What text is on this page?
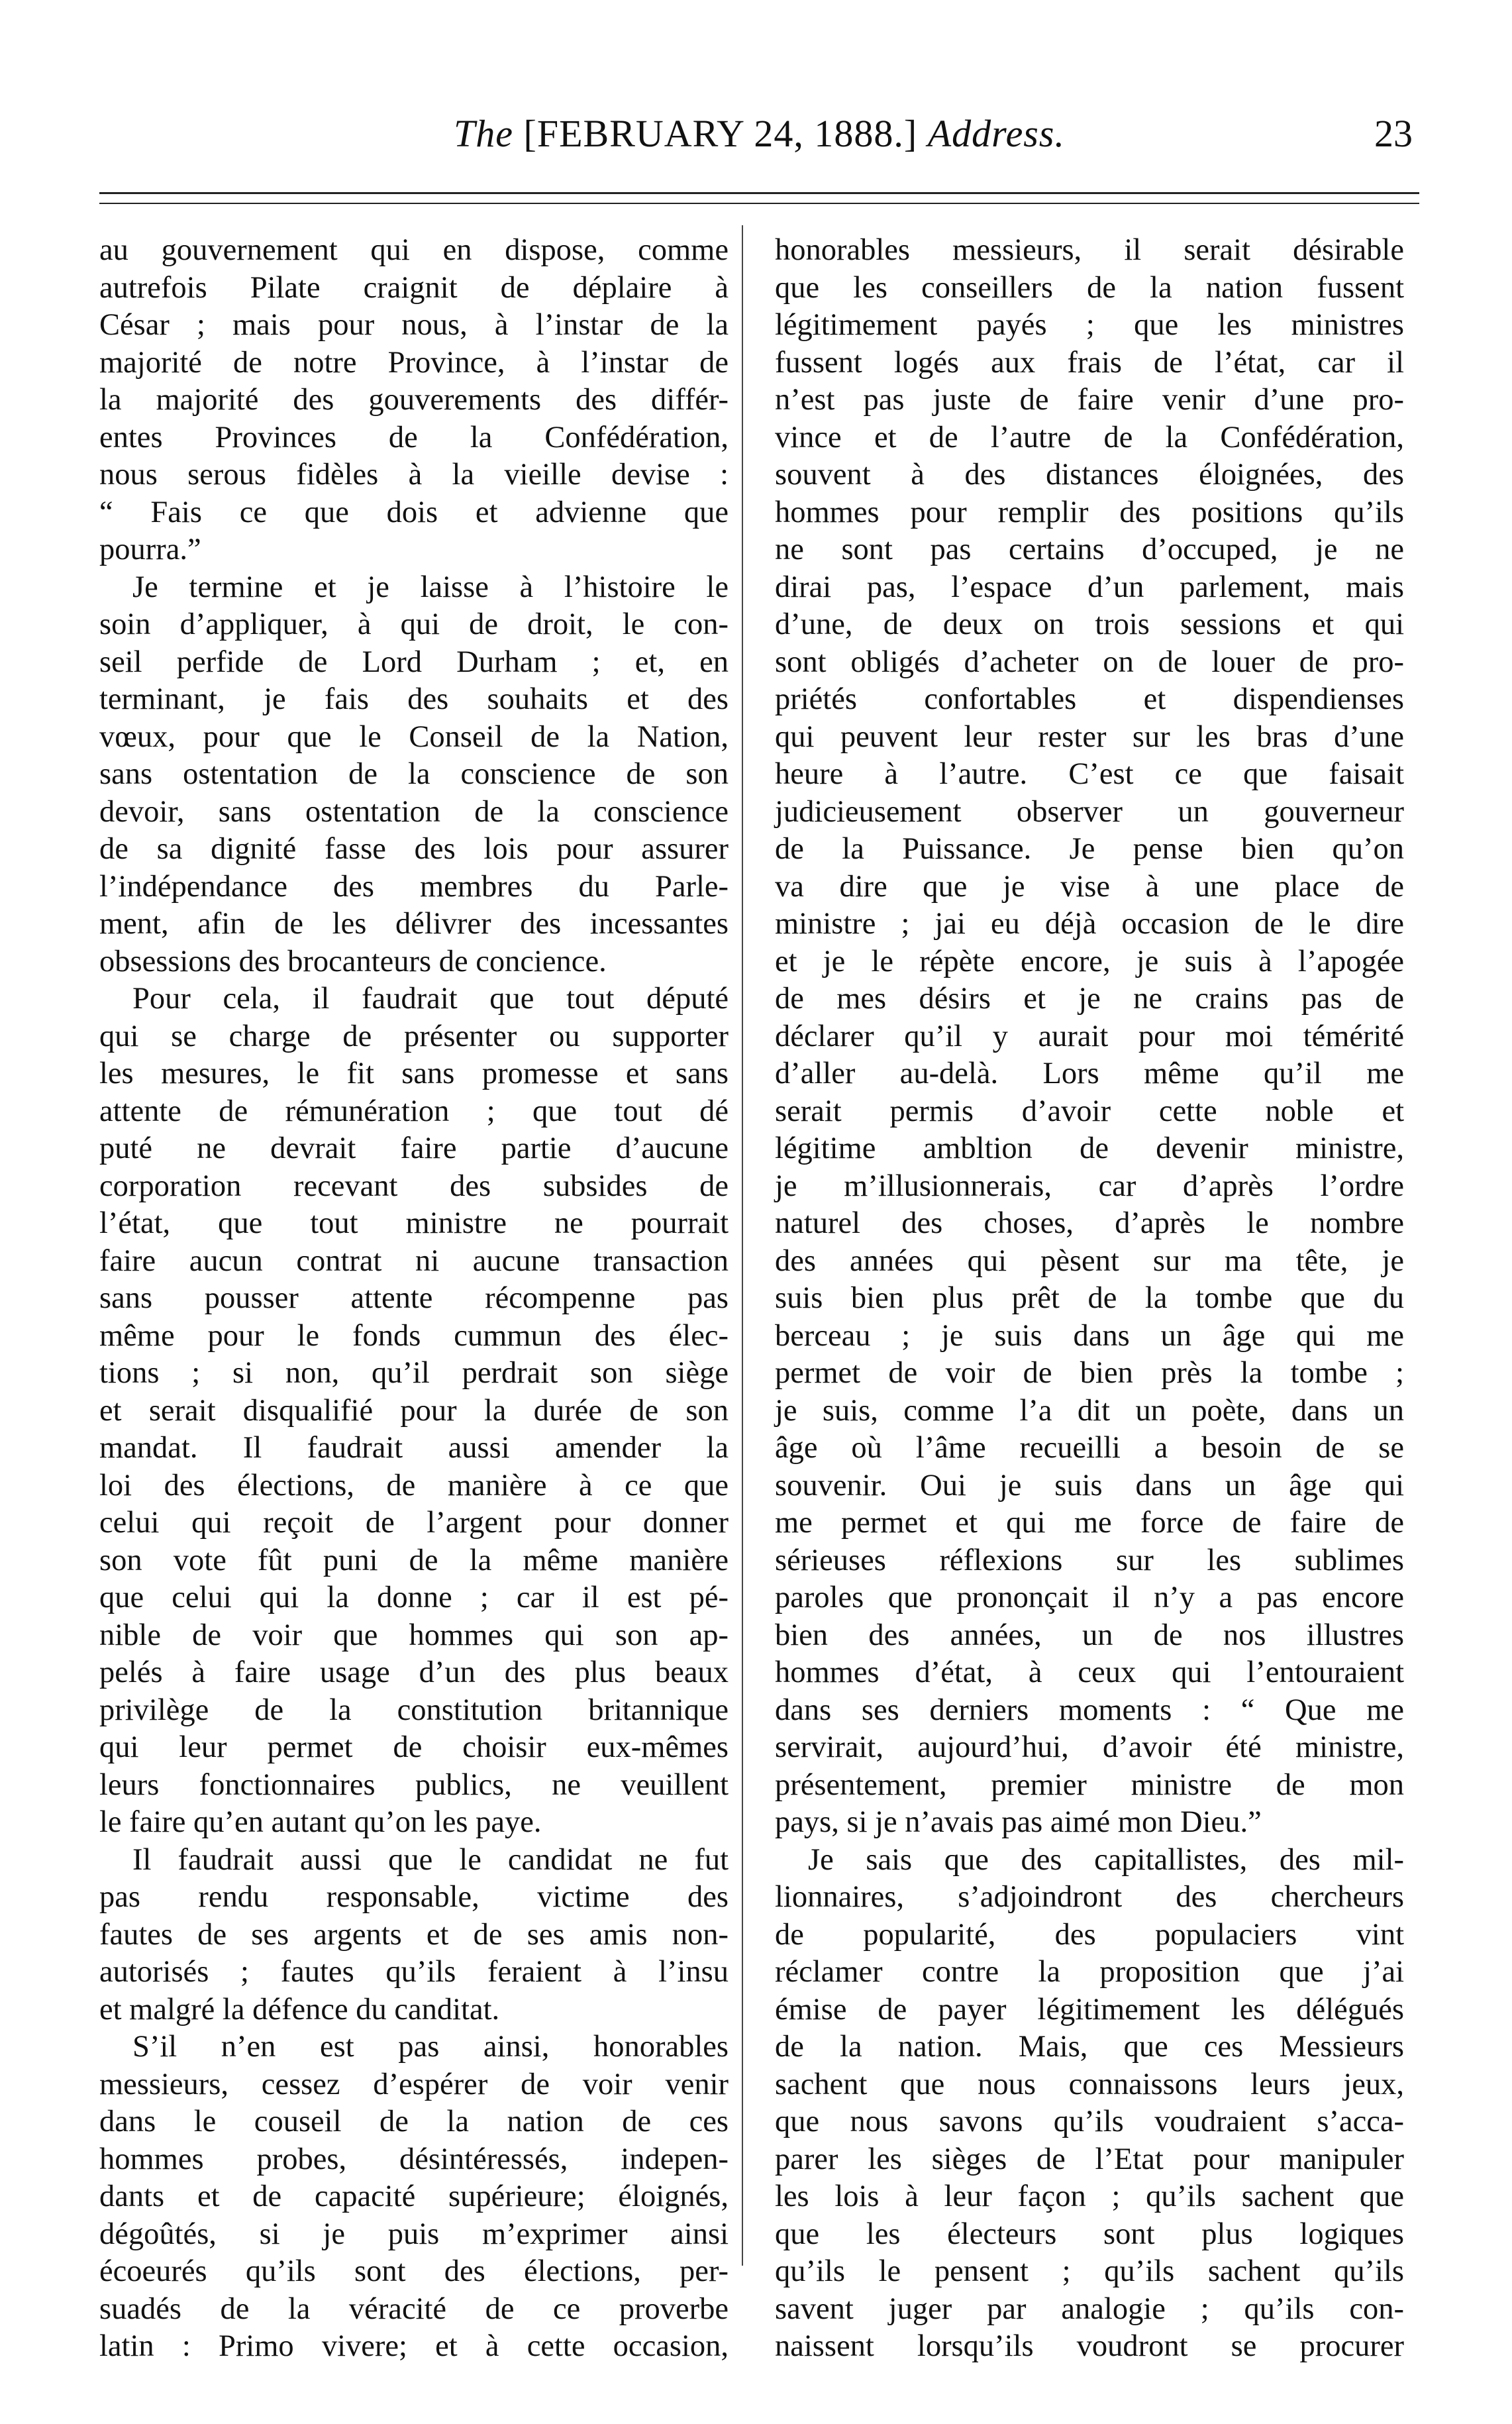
The [FEBRUARY 24, 1888.] Address.	23
au gouvernement qui en dispose, comme
autrefois Pilate craignit de déplaire à
César ; mais pour nous, à l’instar de la
majorité de notre Province, à l’instar de
la majorité des gouverements des différ-
entes Provinces de la Confédération,
nous serous fidèles à la vieille devise :
“ Fais ce que dois et advienne que
pourra.”
Je termine et je laisse à l’histoire le
soin d’appliquer, à qui de droit, le con-
seil perfide de Lord Durham ; et, en
terminant, je fais des souhaits et des
vœux, pour que le Conseil de la Nation,
sans ostentation de la conscience de son
devoir, sans ostentation de la conscience
de sa dignité fasse des lois pour assurer
l’indépendance des membres du Parle-
ment, afin de les délivrer des incessantes
obsessions des brocanteurs de concience.
Pour cela, il faudrait que tout député
qui se charge de présenter ou supporter
les mesures, le fit sans promesse et sans
attente de rémunération ; que tout dé
puté ne devrait faire partie d’aucune
corporation recevant des subsides de
l’état, que tout ministre ne pourrait
faire aucun contrat ni aucune transaction
sans pousser attente récompenne pas
même pour le fonds cummun des élec-
tions ; si non, qu’il perdrait son siège
et serait disqualifié pour la durée de son
mandat. Il faudrait aussi amender la
loi des élections, de manière à ce que
celui qui reçoit de l’argent pour donner
son vote fût puni de la même manière
que celui qui la donne ; car il est pé-
nible de voir que hommes qui son ap-
pelés à faire usage d’un des plus beaux
privilège de la constitution britannique
qui leur permet de choisir eux-mêmes
leurs fonctionnaires publics, ne veuillent
le faire qu’en autant qu’on les paye.
Il faudrait aussi que le candidat ne fut
pas rendu responsable, victime des
fautes de ses argents et de ses amis non-
autorisés ; fautes qu’ils feraient à l’insu
et malgré la défence du canditat.
S’il n’en est pas ainsi, honorables
messieurs, cessez d’espérer de voir venir
dans le couseil de la nation de ces
hommes probes, désintéressés, indepen-
dants et de capacité supérieure; éloignés,
dégoûtés, si je puis m’exprimer ainsi
écoeurés qu’ils sont des élections, per-
suadés de la véracité de ce proverbe
latin : Primo vivere; et à cette occasion,
honorables messieurs, il serait désirable
que les conseillers de la nation fussent
légitimement payés ; que les ministres
fussent logés aux frais de l’état, car il
n’est pas juste de faire venir d’une pro-
vince et de l’autre de la Confédération,
souvent à des distances éloignées, des
hommes pour remplir des positions qu’ils
ne sont pas certains d’occuped, je ne
dirai pas, l’espace d’un parlement, mais
d’une, de deux on trois sessions et qui
sont obligés d’acheter on de louer de pro-
priétés confortables et dispendienses
qui peuvent leur rester sur les bras d’une
heure à l’autre. C’est ce que faisait
judicieusement observer un gouverneur
de la Puissance. Je pense bien qu’on
va dire que je vise à une place de
ministre ; jai eu déjà occasion de le dire
et je le répète encore, je suis à l’apogée
de mes désirs et je ne crains pas de
déclarer qu’il y aurait pour moi témérité
d’aller au-delà. Lors même qu’il me
serait permis d’avoir cette noble et
légitime ambltion de devenir ministre,
je m’illusionnerais, car d’après l’ordre
naturel des choses, d’après le nombre
des années qui pèsent sur ma tête, je
suis bien plus prêt de la tombe que du
berceau ; je suis dans un âge qui me
permet de voir de bien près la tombe ;
je suis, comme l’a dit un poète, dans un
âge où l’âme recueilli a besoin de se
souvenir. Oui je suis dans un âge qui
me permet et qui me force de faire de
sérieuses réflexions sur les sublimes
paroles que prononçait il n’y a pas encore
bien des années, un de nos illustres
hommes d’état, à ceux qui l’entouraient
dans ses derniers moments : “ Que me
servirait, aujourd’hui, d’avoir été ministre,
présentement, premier ministre de mon
pays, si je n’avais pas aimé mon Dieu.”
Je sais que des capitallistes, des mil-
lionnaires, s’adjoindront des chercheurs
de popularité, des populaciers vint
réclamer contre la proposition que j’ai
émise de payer légitimement les délégués
de la nation. Mais, que ces Messieurs
sachent que nous connaissons leurs jeux,
que nous savons qu’ils voudraient s’acca-
parer les sièges de l’Etat pour manipuler
les lois à leur façon ; qu’ils sachent que
que les électeurs sont plus logiques
qu’ils le pensent ; qu’ils sachent qu’ils
savent juger par analogie ; qu’ils con-
naissent lorsqu’ils voudront se procurer
